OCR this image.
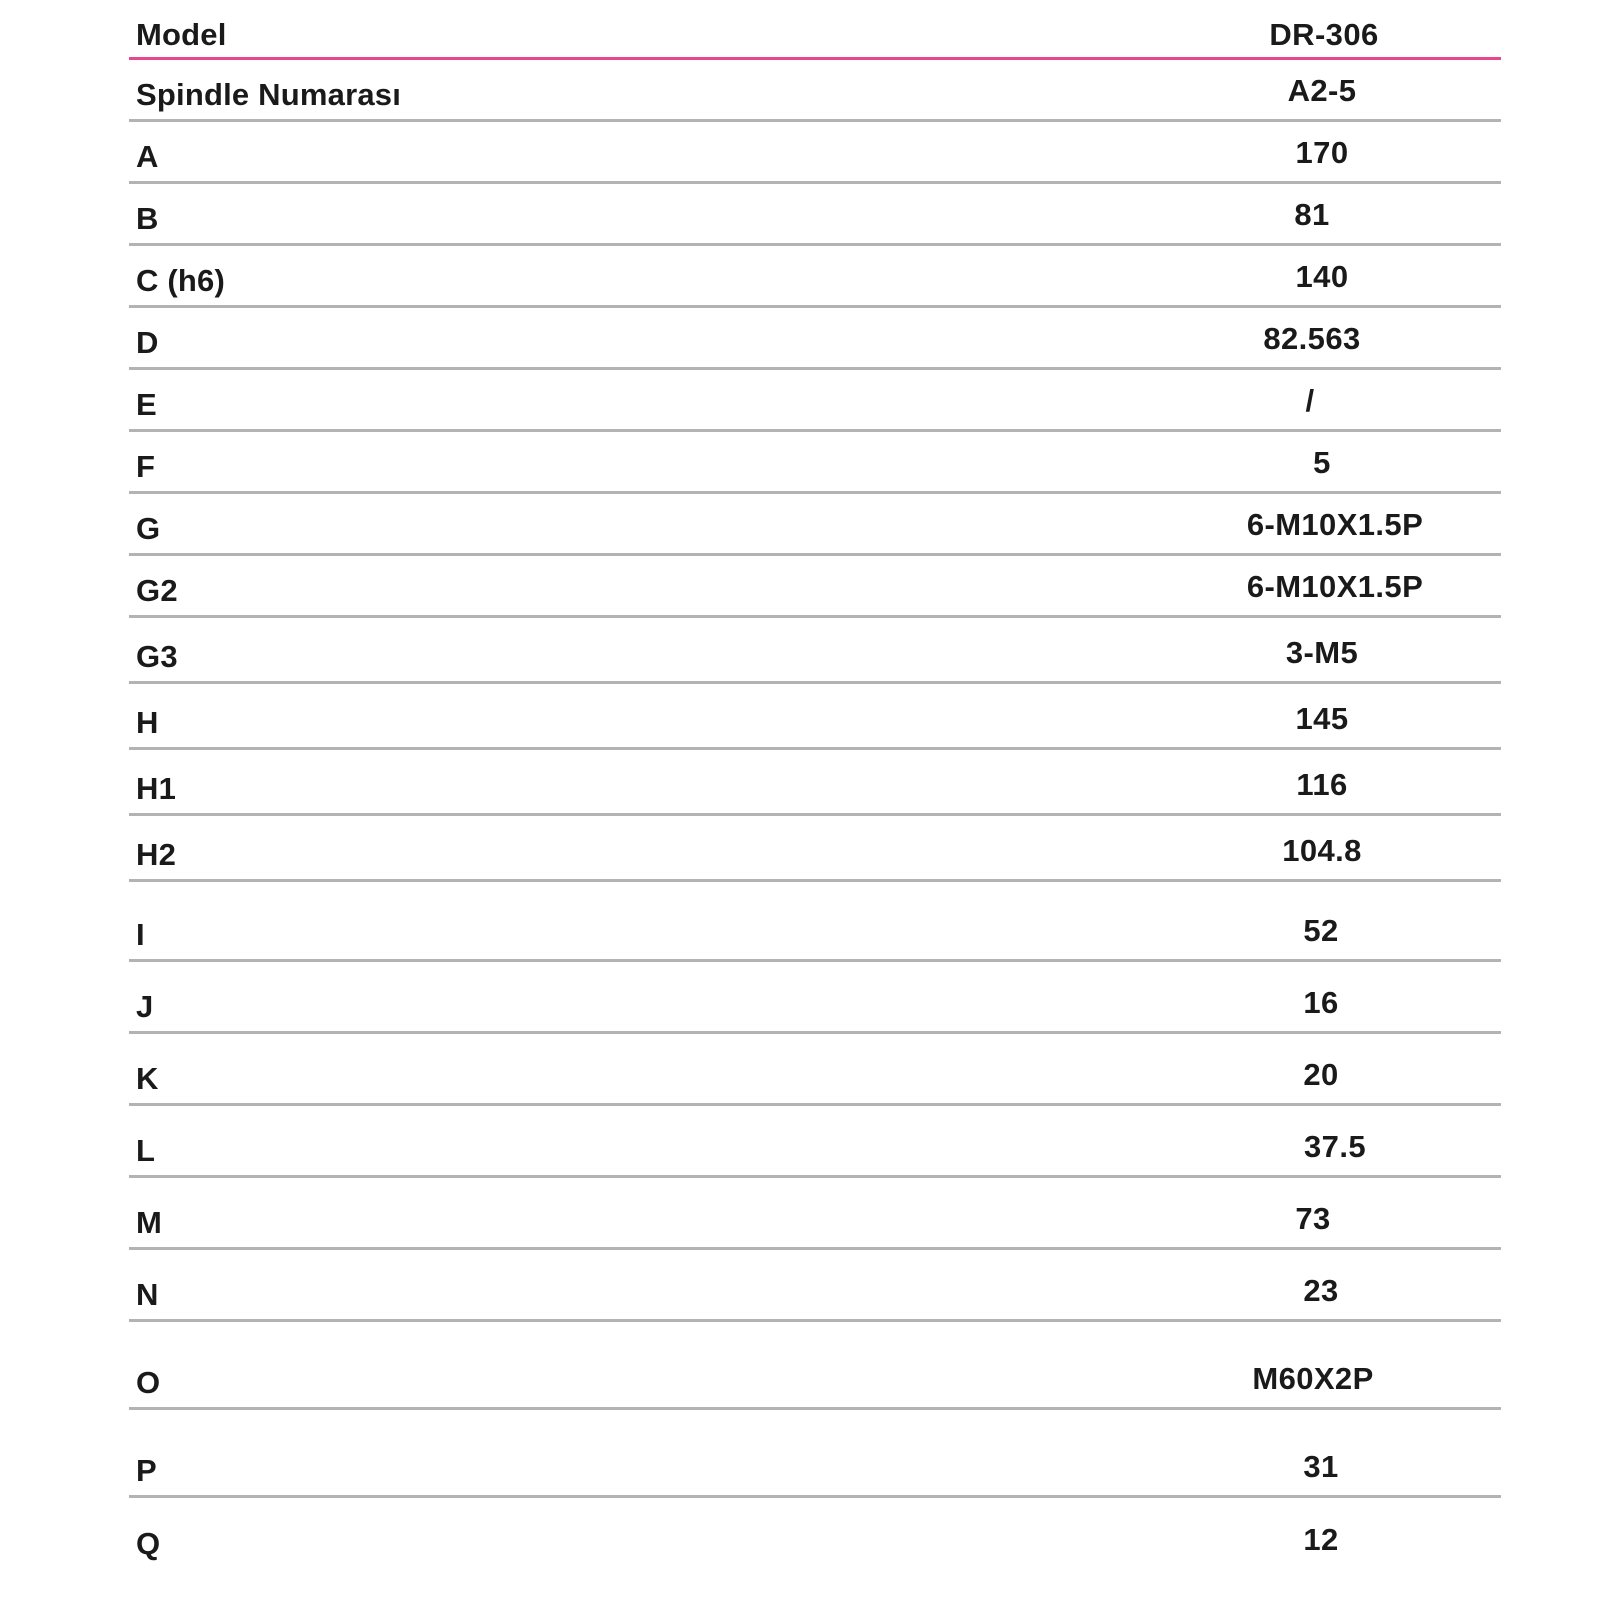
Model	DR-306
Spindle Numarası	A2-5
A	170
B	81
C (h6)	140
D	82.563
E	/
F	5
G	6-M10X1.5P
G2	6-M10X1.5P
G3	3-M5
H	145
H1	116
H2	104.8
I	52
J	16
K	20
L	37.5
M	73
N	23
O	M60X2P
P	31
Q	12
